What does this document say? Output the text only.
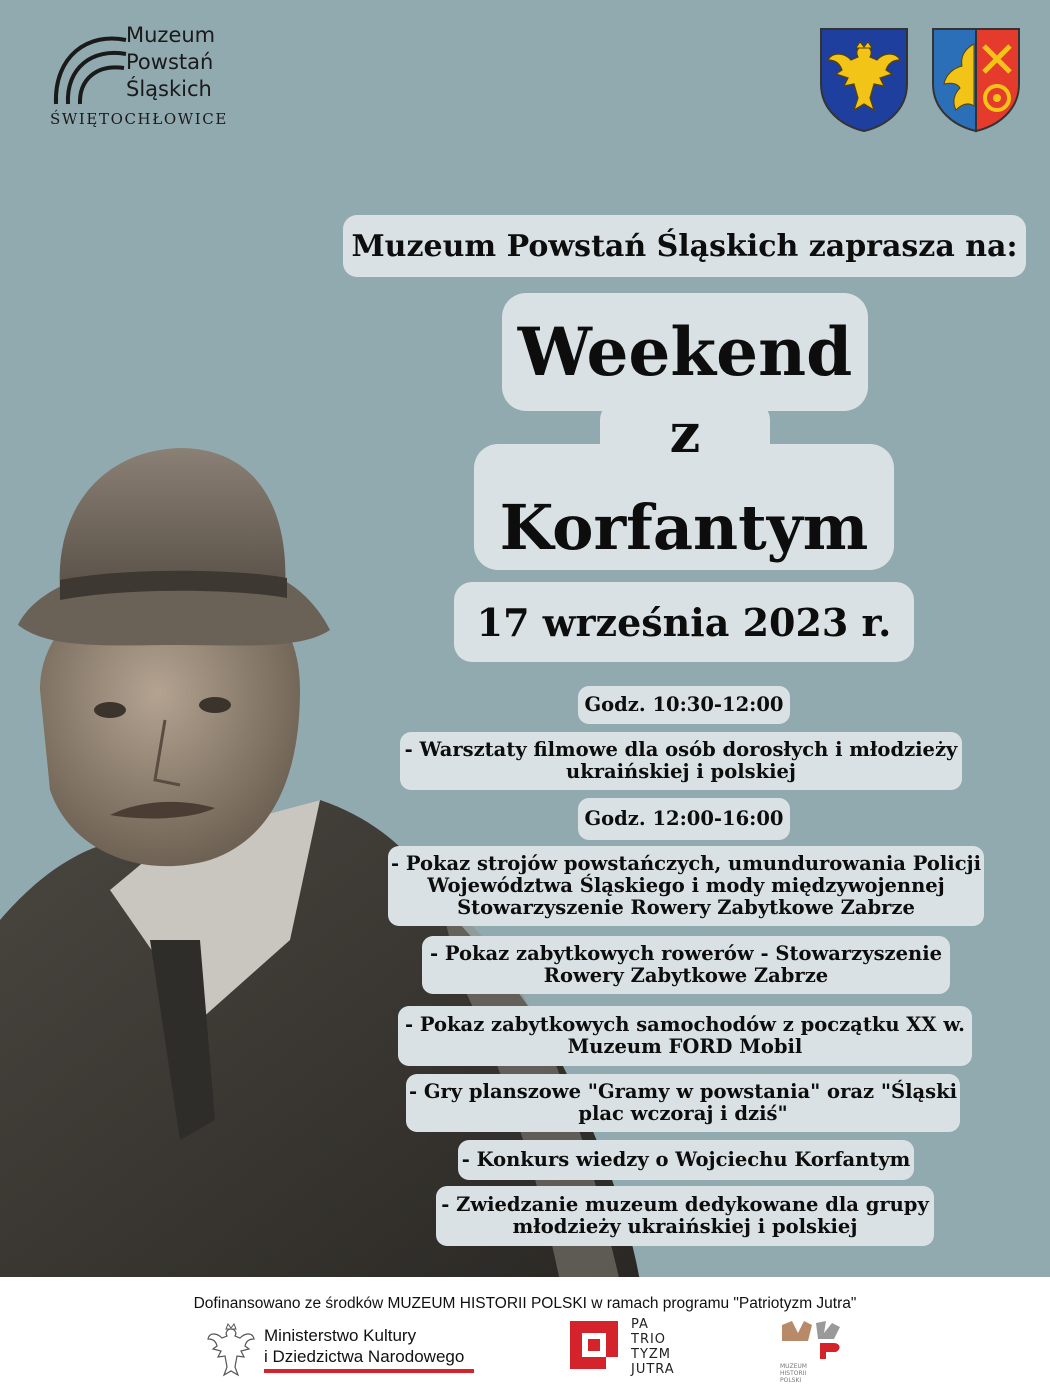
Muzeum
Powstań
Śląskich
ŚWIĘTOCHŁOWICE
Muzeum Powstań Śląskich zaprasza na:
Weekend
Korfantym
z
17 września 2023 r.
Godz. 10:30-12:00
- Warsztaty filmowe dla osób dorosłych i młodzieży
ukraińskiej i polskiej
Godz. 12:00-16:00
- Pokaz strojów powstańczych, umundurowania Policji
Województwa Śląskiego i mody międzywojennej
Stowarzyszenie Rowery Zabytkowe Zabrze
- Pokaz zabytkowych rowerów - Stowarzyszenie
Rowery Zabytkowe Zabrze
- Pokaz zabytkowych samochodów z początku XX w.
Muzeum FORD Mobil
- Gry planszowe "Gramy w powstania" oraz "Śląski
plac wczoraj i dziś"
- Konkurs wiedzy o Wojciechu Korfantym
- Zwiedzanie muzeum dedykowane dla grupy
młodzieży ukraińskiej i polskiej
Dofinansowano ze środków MUZEUM HISTORII POLSKI w ramach programu "Patriotyzm Jutra"
Ministerstwo Kultury
i Dziedzictwa Narodowego
PA
TRIO
TYZM
JUTRA	MUZEUM
HISTORII
POLSKI
